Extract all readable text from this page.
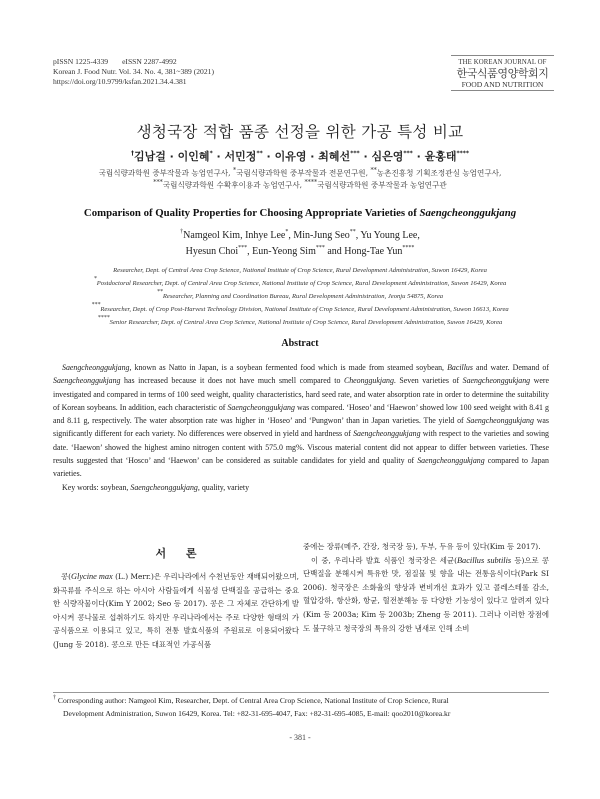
pISSN 1225-4339 eISSN 2287-4992
Korean J. Food Nutr. Vol. 34. No. 4, 381~389 (2021)
https://doi.org/10.9799/ksfan.2021.34.4.381
THE KOREAN JOURNAL OF
한국식품영양학회지
FOOD AND NUTRITION
생청국장 적합 품종 선정을 위한 가공 특성 비교
†김남걸 · 이인혜* · 서민정** · 이유영 · 최혜선*** · 심은영*** · 윤홍태****
국립식량과학원 중부작물과 농업연구사, *국립식량과학원 중부작물과 전문연구원, **농촌진흥청 기획조정관실 농업연구사,
***국립식량과학원 수확후이용과 농업연구사, ****국립식량과학원 중부작물과 농업연구관
Comparison of Quality Properties for Choosing Appropriate Varieties of Saengcheonggukjang
†Namgeol Kim, Inhye Lee*, Min-Jung Seo**, Yu Young Lee,
Hyesun Choi***, Eun-Yeong Sim*** and Hong-Tae Yun****
Researcher, Dept. of Central Area Crop Science, National Institute of Crop Science, Rural Development Administration, Suwon 16429, Korea
*Postdoctoral Researcher, Dept. of Central Area Crop Science, National Institute of Crop Science, Rural Development Administration, Suwon 16429, Korea
**Researcher, Planning and Coordination Bureau, Rural Development Administration, Jeonju 54875, Korea
***Researcher, Dept. of Crop Post-Harvest Technology Division, National Institute of Crop Science, Rural Development Administration, Suwon 16613, Korea
****Senior Researcher, Dept. of Central Area Crop Science, National Institute of Crop Science, Rural Development Administration, Suwon 16429, Korea
Abstract

Saengcheonggukjang, known as Natto in Japan, is a soybean fermented food which is made from steamed soybean, Bacillus and water. Demand of Saengcheonggukjang has increased because it does not have much smell compared to Cheonggukjang. Seven varieties of Saengcheonggukjang were investigated and compared in terms of 100 seed weight, quality characteristics, hard seed rate, and water absorption rate in order to determine the suitability of Korean soybeans. In addition, each characteristic of Saengcheonggukjang was compared. ‘Hoseo’ and ‘Haewon’ showed low 100 seed weight with 8.41 g and 8.11 g, respectively. The water absorption rate was higher in ‘Hoseo’ and ‘Pungwon’ than in Japan varieties. The yield of Saengcheonggukjang was significantly different for each variety. No differences were observed in yield and hardness of Saengcheonggukjang with respect to the varieties and sowing date. ‘Haewon’ showed the highest amino nitrogen content with 575.0 mg%. Viscous material content did not appear to differ between varieties. These results suggested that ‘Hosco’ and ‘Haewon’ can be considered as suitable candidates for yield and quality of Saengcheonggukjang compared to Japan varieties.

Key words: soybean, Saengcheonggukjang, quality, variety

서 론

콩(Glycine max (L.) Merr.)은 우리나라에서 수천년동안 재배되어왔으며, 화곡류를 주식으로 하는 아시아 사람들에게 식물성 단백질을 공급하는 중요한 식량작물이다(Kim Y 2002; Seo 등 2017). 콩은 그 자체로 간단하게 발아시켜 콩나물로 섭취하기도 하지만 우리나라에서는 주로 다양한 형태의 가공식품으로 이용되고 있고, 특히 전통 발효식품의 주원료로 이용되어왔다(Jung 등 2018). 콩으로 만든 대표적인 가공식품

중에는 장류(메주, 간장, 청국장 등), 두부, 두유 등이 있다(Kim 등 2017).

이 중, 우리나라 발효 식품인 청국장은 세균(Bacillus subtilis 등)으로 콩 단백질을 분해시켜 특유한 맛, 점질물 및 향을 내는 전통음식이다(Park SI 2006). 청국장은 소화율의 향상과 변비개선 효과가 있고 콜레스테롤 감소, 혈압강하, 항산화, 항균, 혈전분해능 등 다양한 기능성이 있다고 알려져 있다(Kim 등 2003a; Kim 등 2003b; Zheng 등 2011). 그러나 이러한 장점에도 불구하고 청국장의 특유의 강한 냄새로 인해 소비

† Corresponding author: Namgeol Kim, Researcher, Dept. of Central Area Crop Science, National Institute of Crop Science, Rural
Development Administration, Suwon 16429, Korea. Tel: +82-31-695-4047, Fax: +82-31-695-4085, E-mail: qoo2010@korea.kr
- 381 -
